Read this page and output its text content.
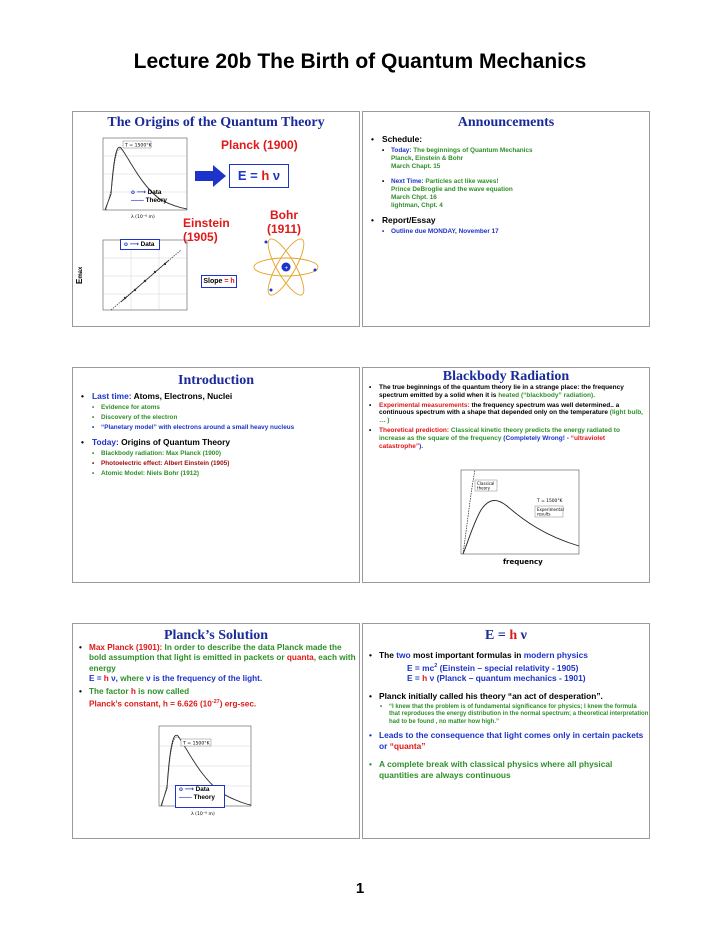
Lecture 20b The Birth of Quantum Mechanics
The Origins of the Quantum Theory
T = 1500°K
λ (10⁻⁶ m)
o ⟶ Data
—— Theory
Planck (1900)
E = h ν
Bohr
(1911)
Einstein
(1905)
o ⟶ Data
Emax
Slope = h
+
Announcements
• Schedule:
• Today: The beginnings of Quantum Mechanics
Planck, Einstein & Bohr
March Chapt. 15
• Next Time: Particles act like waves!
Prince DeBroglie and the wave equation
March Chpt. 16
lightman, Chpt. 4
• Report/Essay
• Outline due MONDAY, November 17
Introduction
• Last time: Atoms, Electrons, Nuclei
• Evidence for atoms
• Discovery of the electron
• “Planetary model” with electrons around a small heavy nucleus
• Today: Origins of Quantum Theory
• Blackbody radiation: Max Planck (1900)
• Photoelectric effect: Albert Einstein (1905)
• Atomic Model: Niels Bohr (1912)
Blackbody Radiation
• The true beginnings of the quantum theory lie in a strange place: the frequency spectrum emitted by a solid when it is heated (“blackbody” radiation).
• Experimental measurements: the frequency spectrum was well determined.. a continuous spectrum with a shape that depended only on the temperature (light bulb, … )
• Theoretical prediction: Classical kinetic theory predicts the energy radiated to increase as the square of the frequency (Completely Wrong! - “ultraviolet catastrophe”).
Classical
theory
T = 1500°K
Experimental
results
frequency
Planck’s Solution
• Max Planck (1901): In order to describe the data Planck made the bold assumption that light is emitted in packets or quanta, each with energy
E = h ν, where ν is the frequency of the light.
• The factor h is now called
Planck’s constant, h = 6.626 $(10^{-27})$ erg-sec.
T = 1500°K
λ (10⁻⁶ m)
o ⟶ Data
—— Theory
E = h ν
• The two most important formulas in modern physics
$E = mc^2$ (Einstein – special relativity - 1905)
E = h ν (Planck – quantum mechanics - 1901)
• Planck initially called his theory “an act of desperation”.
• “I knew that the problem is of fundamental significance for physics; I knew the formula that reproduces the energy distribution in the normal spectrum; a theoretical interpretation had to be found , no matter how high.”
• Leads to the consequence that light comes only in certain packets or “quanta”
• A complete break with classical physics where all physical quantities are always continuous
1
